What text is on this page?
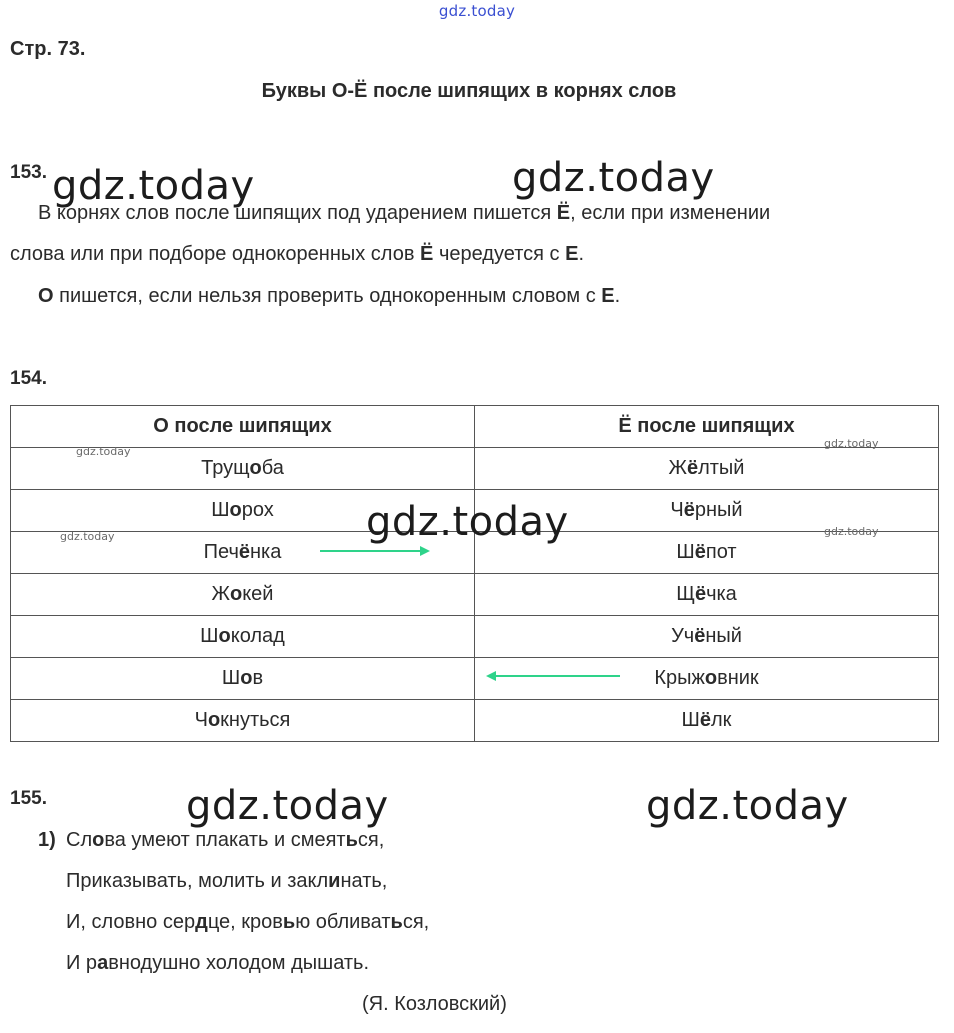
gdz.today
Стр. 73.
Буквы О-Ё после шипящих в корнях слов
153.
В корнях слов после шипящих под ударением пишется Ё, если при изменении
слова или при подборе однокоренных слов Ё чередуется с Е.
О пишется, если нельзя проверить однокоренным словом с Е.
gdz.today	gdz.today
154.
О после шипящих	Ё после шипящих
Трущоба	Жёлтый
Шорох	Чёрный
Печёнка	Шёпот
Жокей	Щёчка
Шоколад	Учёный
Шов	Крыжовник
Чокнуться	Шёлк
gdz.today
gdz.today
gdz.today	gdz.today
gdz.today
155.	gdz.today	gdz.today
1) Слова умеют плакать и смеяться,
Приказывать, молить и заклинать,
И, словно сердце, кровью обливаться,
И равнодушно холодом дышать.
(Я. Козловский)
